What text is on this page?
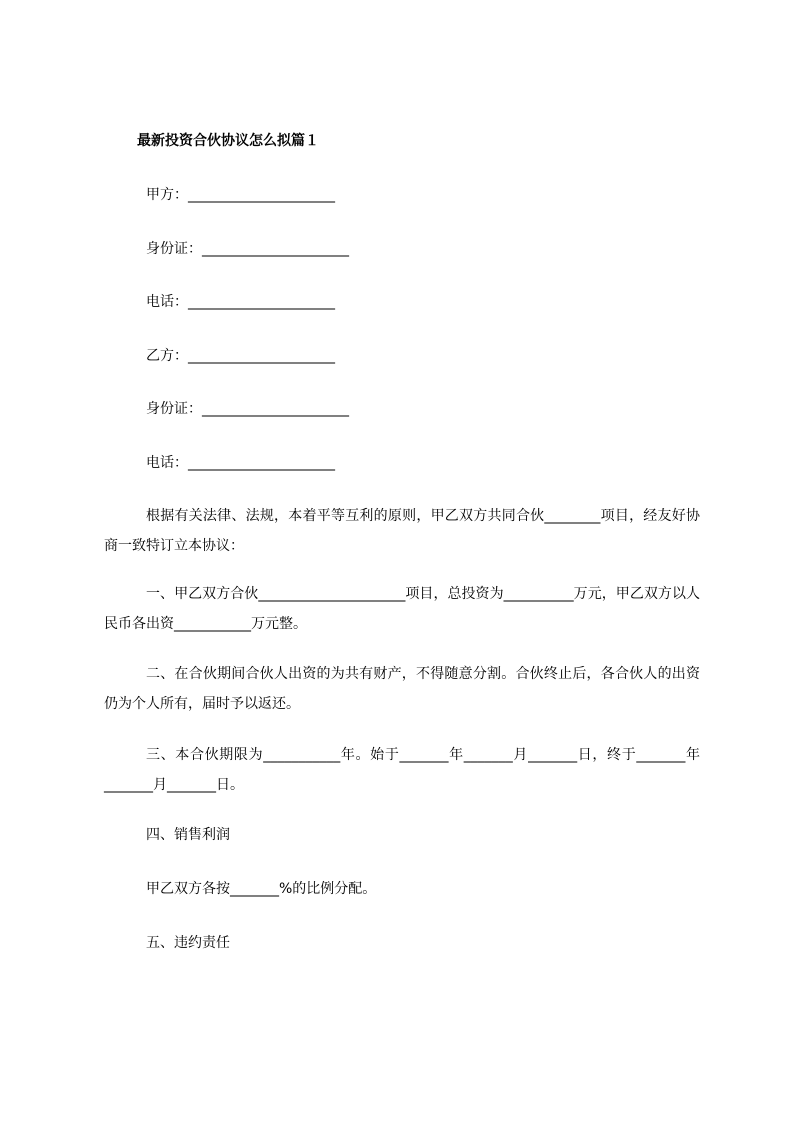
最新投资合伙协议怎么拟篇１
甲方：_____________________
身份证：_____________________
电话：_____________________
乙方：_____________________
身份证：_____________________
电话：_____________________
根据有关法律、法规，本着平等互利的原则，甲乙双方共同合伙________项目，经友好协商一致特订立本协议：
一、甲乙双方合伙_____________________项目，总投资为__________万元，甲乙双方以人民币各出资___________万元整。
二、在合伙期间合伙人出资的为共有财产，不得随意分割。合伙终止后，各合伙人的出资仍为个人所有，届时予以返还。
三、本合伙期限为___________年。始于_______年_______月_______日，终于_______年_______月_______日。
四、销售利润
甲乙双方各按_______%的比例分配。
五、违约责任
